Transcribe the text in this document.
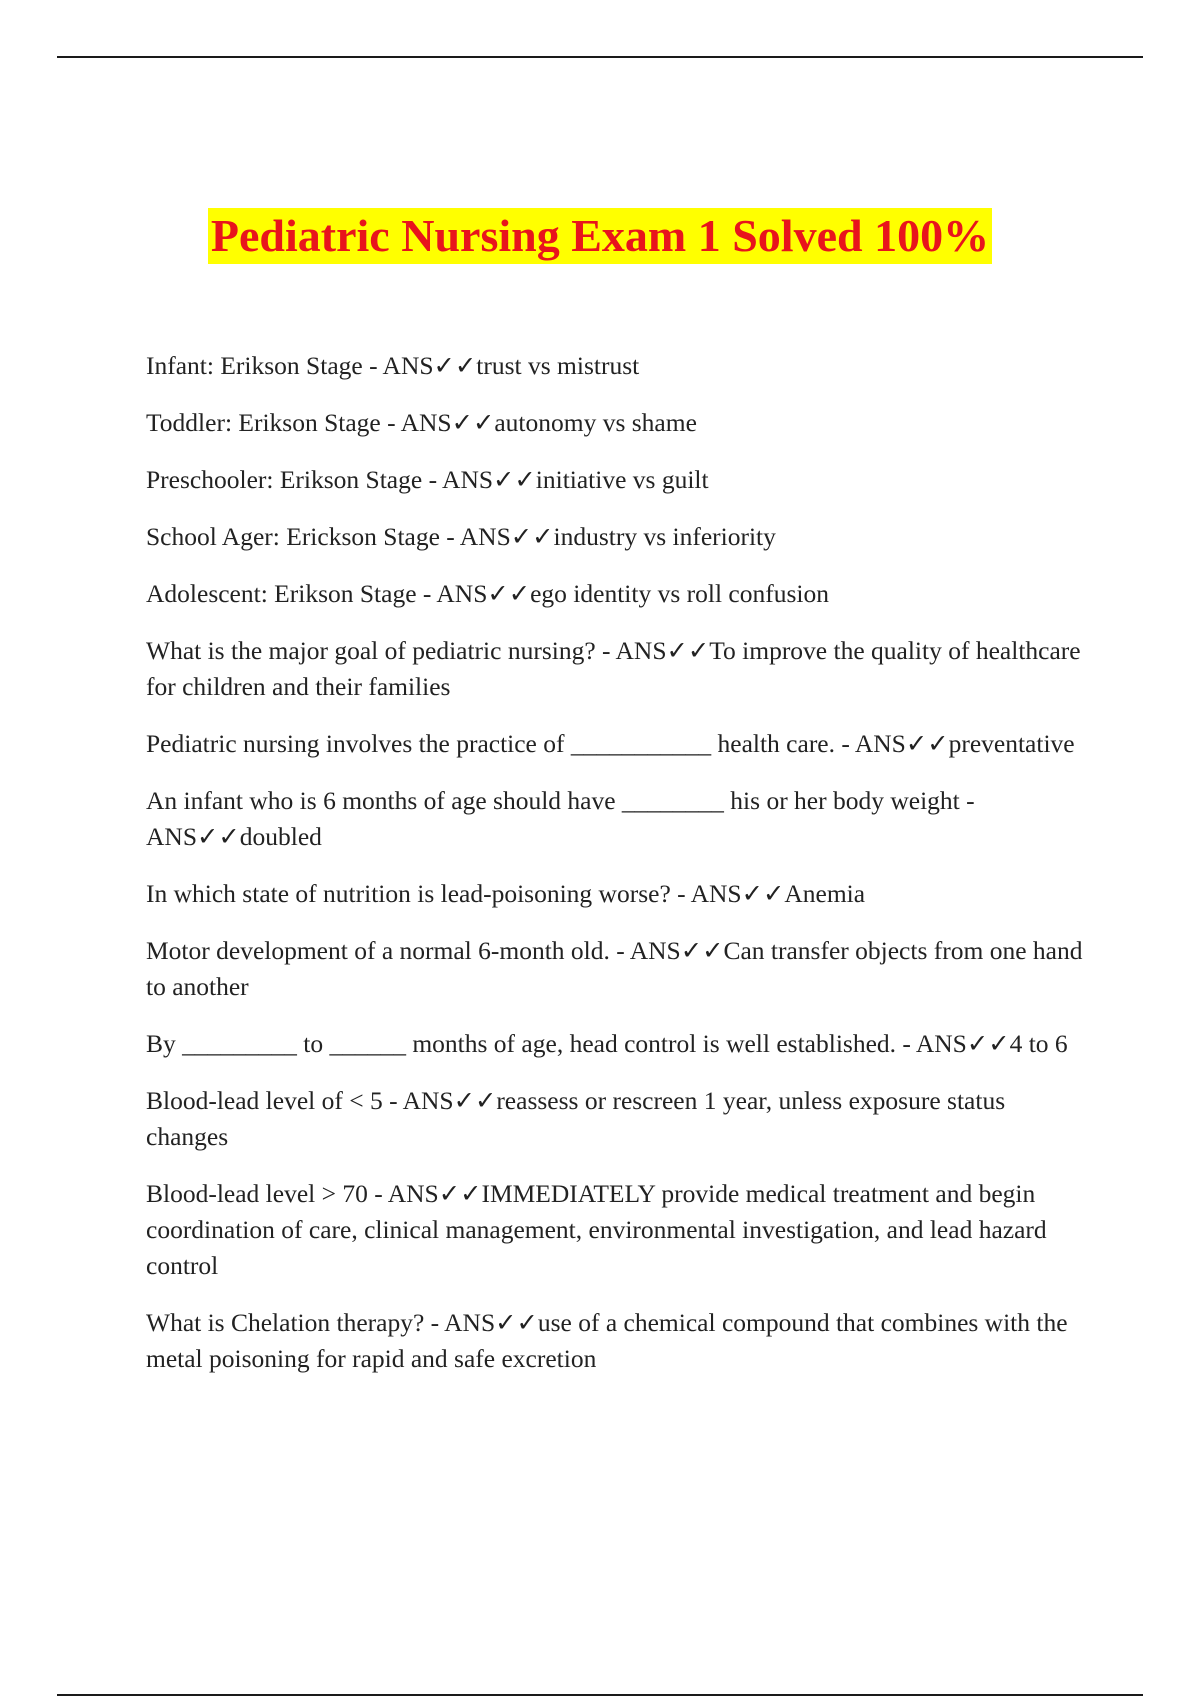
Pediatric Nursing Exam 1 Solved 100%
Infant: Erikson Stage - ANS✓✓trust vs mistrust
Toddler: Erikson Stage - ANS✓✓autonomy vs shame
Preschooler: Erikson Stage - ANS✓✓initiative vs guilt
School Ager: Erickson Stage - ANS✓✓industry vs inferiority
Adolescent: Erikson Stage - ANS✓✓ego identity vs roll confusion
What is the major goal of pediatric nursing? - ANS✓✓To improve the quality of healthcare for children and their families
Pediatric nursing involves the practice of ___________ health care. - ANS✓✓preventative
An infant who is 6 months of age should have ________ his or her body weight - ANS✓✓doubled
In which state of nutrition is lead-poisoning worse? - ANS✓✓Anemia
Motor development of a normal 6-month old. - ANS✓✓Can transfer objects from one hand to another
By _________ to ______ months of age, head control is well established. - ANS✓✓4 to 6
Blood-lead level of < 5 - ANS✓✓reassess or rescreen 1 year, unless exposure status changes
Blood-lead level > 70 - ANS✓✓IMMEDIATELY provide medical treatment and begin coordination of care, clinical management, environmental investigation, and lead hazard control
What is Chelation therapy? - ANS✓✓use of a chemical compound that combines with the metal poisoning for rapid and safe excretion
